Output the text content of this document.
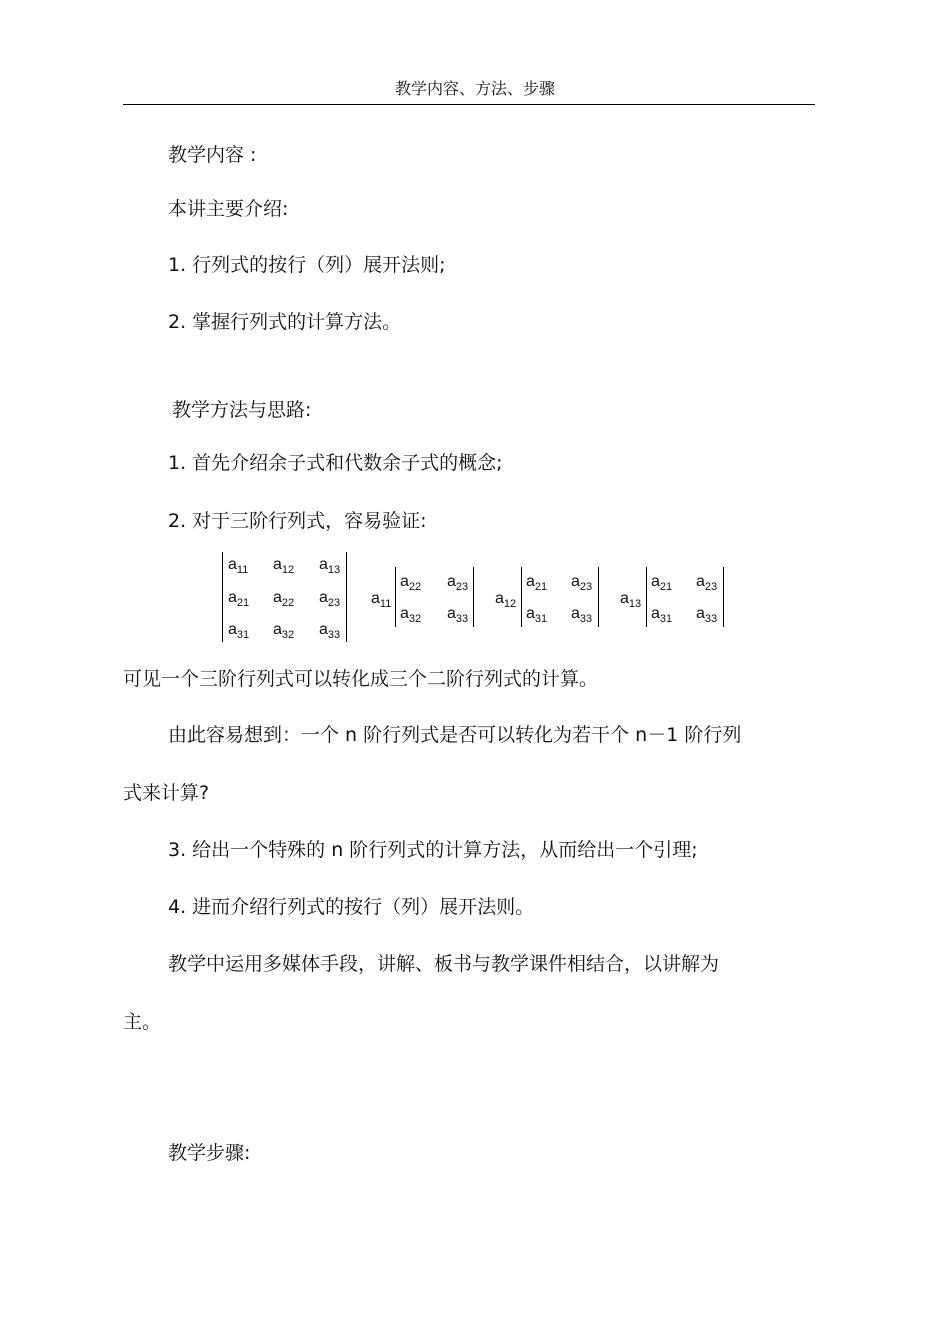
教学内容、方法、步骤
教学内容 :
本讲主要介绍:
1. 行列式的按行（列）展开法则;
2. 掌握行列式的计算方法。
教学方法与思路:
1. 首先介绍余子式和代数余子式的概念;
2. 对于三阶行列式，容易验证:
$a_{11}$ $a_{12}$ $a_{13}$
$a_{21}$ $a_{22}$ $a_{23}$
$a_{31}$ $a_{32}$ $a_{33}$
$a_{11}$
$a_{22}$ $a_{23}$
$a_{32}$ $a_{33}$
$a_{12}$
$a_{21}$ $a_{23}$
$a_{31}$ $a_{33}$
$a_{13}$
$a_{21}$ $a_{23}$
$a_{31}$ $a_{33}$
可见一个三阶行列式可以转化成三个二阶行列式的计算。
由此容易想到：一个 n 阶行列式是否可以转化为若干个 n－1 阶行列
式来计算?
3. 给出一个特殊的 n 阶行列式的计算方法，从而给出一个引理;
4. 进而介绍行列式的按行（列）展开法则。
教学中运用多媒体手段，讲解、板书与教学课件相结合，以讲解为
主。
教学步骤:
